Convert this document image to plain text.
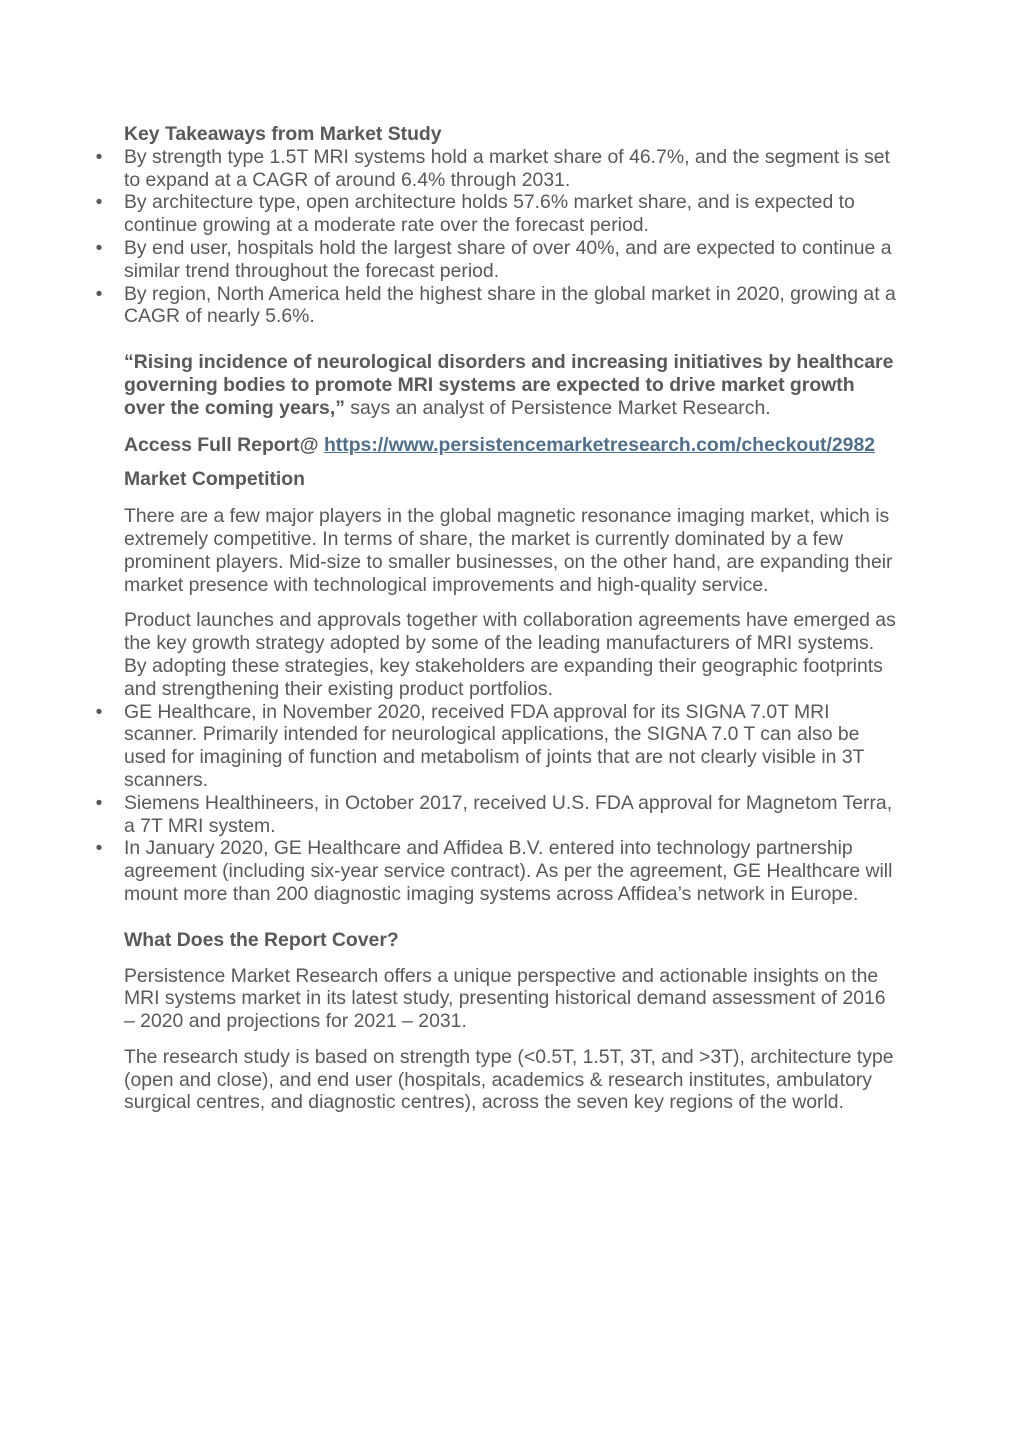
Key Takeaways from Market Study

• By strength type 1.5T MRI systems hold a market share of 46.7%, and the segment is set to expand at a CAGR of around 6.4% through 2031.
• By architecture type, open architecture holds 57.6% market share, and is expected to continue growing at a moderate rate over the forecast period.
• By end user, hospitals hold the largest share of over 40%, and are expected to continue a similar trend throughout the forecast period.
• By region, North America held the highest share in the global market in 2020, growing at a CAGR of nearly 5.6%.

“Rising incidence of neurological disorders and increasing initiatives by healthcare governing bodies to promote MRI systems are expected to drive market growth over the coming years,” says an analyst of Persistence Market Research.

Access Full Report@ https://www.persistencemarketresearch.com/checkout/2982

Market Competition

There are a few major players in the global magnetic resonance imaging market, which is extremely competitive. In terms of share, the market is currently dominated by a few prominent players. Mid-size to smaller businesses, on the other hand, are expanding their market presence with technological improvements and high-quality service.

Product launches and approvals together with collaboration agreements have emerged as the key growth strategy adopted by some of the leading manufacturers of MRI systems. By adopting these strategies, key stakeholders are expanding their geographic footprints and strengthening their existing product portfolios.

• GE Healthcare, in November 2020, received FDA approval for its SIGNA 7.0T MRI scanner. Primarily intended for neurological applications, the SIGNA 7.0 T can also be used for imagining of function and metabolism of joints that are not clearly visible in 3T scanners.
• Siemens Healthineers, in October 2017, received U.S. FDA approval for Magnetom Terra, a 7T MRI system.
• In January 2020, GE Healthcare and Affidea B.V. entered into technology partnership agreement (including six-year service contract). As per the agreement, GE Healthcare will mount more than 200 diagnostic imaging systems across Affidea’s network in Europe.

What Does the Report Cover?

Persistence Market Research offers a unique perspective and actionable insights on the MRI systems market in its latest study, presenting historical demand assessment of 2016 – 2020 and projections for 2021 – 2031.

The research study is based on strength type (<0.5T, 1.5T, 3T, and >3T), architecture type (open and close), and end user (hospitals, academics & research institutes, ambulatory surgical centres, and diagnostic centres), across the seven key regions of the world.
